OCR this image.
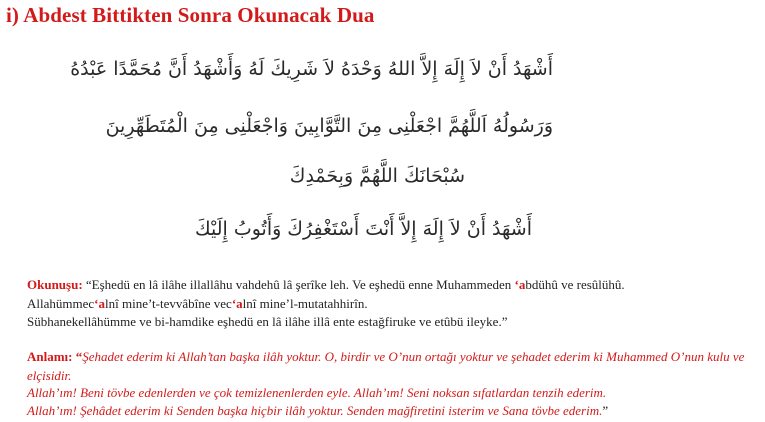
i) Abdest Bittikten Sonra Okunacak Dua
أَشْهَدُ أَنْ لاَ إِلَهَ إِلاَّ اللهُ وَحْدَهُ لاَ شَرِيكَ لَهُ وَأَشْهَدُ أَنَّ مُحَمَّدًا عَبْدُهُ
وَرَسُولُهُ اَللَّهُمَّ اجْعَلْنِى مِنَ التَّوَّابِينَ وَاجْعَلْنِى مِنَ الْمُتَطَهِّرِينَ
سُبْحَانَكَ اللَّهُمَّ وَبِحَمْدِكَ
أَشْهَدُ أَنْ لاَ إِلَهَ إِلاَّ أَنْتَ أَسْتَغْفِرُكَ وَأَتُوبُ إِلَيْكَ
Okunuşu: “Eşhedü en lâ ilâhe illallâhu vahdehû lâ şerîke leh. Ve eşhedü enne Muhammeden ‘abdühû ve resûlühû.
Allahümmec‘alnî mine’t-tevvâbîne vec‘alnî mine’l-mutatahhirîn.
Sübhanekellâhümme ve bi-hamdike eşhedü en lâ ilâhe illâ ente estağfiruke ve etûbü ileyke.”
Anlamı: “Şehadet ederim ki Allah’tan başka ilâh yoktur. O, birdir ve O’nun ortağı yoktur ve şehadet ederim ki Muhammed O’nun kulu ve elçisidir.
Allah’ım! Beni tövbe edenlerden ve çok temizlenenlerden eyle. Allah’ım! Seni noksan sıfatlardan tenzih ederim.
Allah’ım! Şehâdet ederim ki Senden başka hiçbir ilâh yoktur. Senden mağfiretini isterim ve Sana tövbe ederim.”
